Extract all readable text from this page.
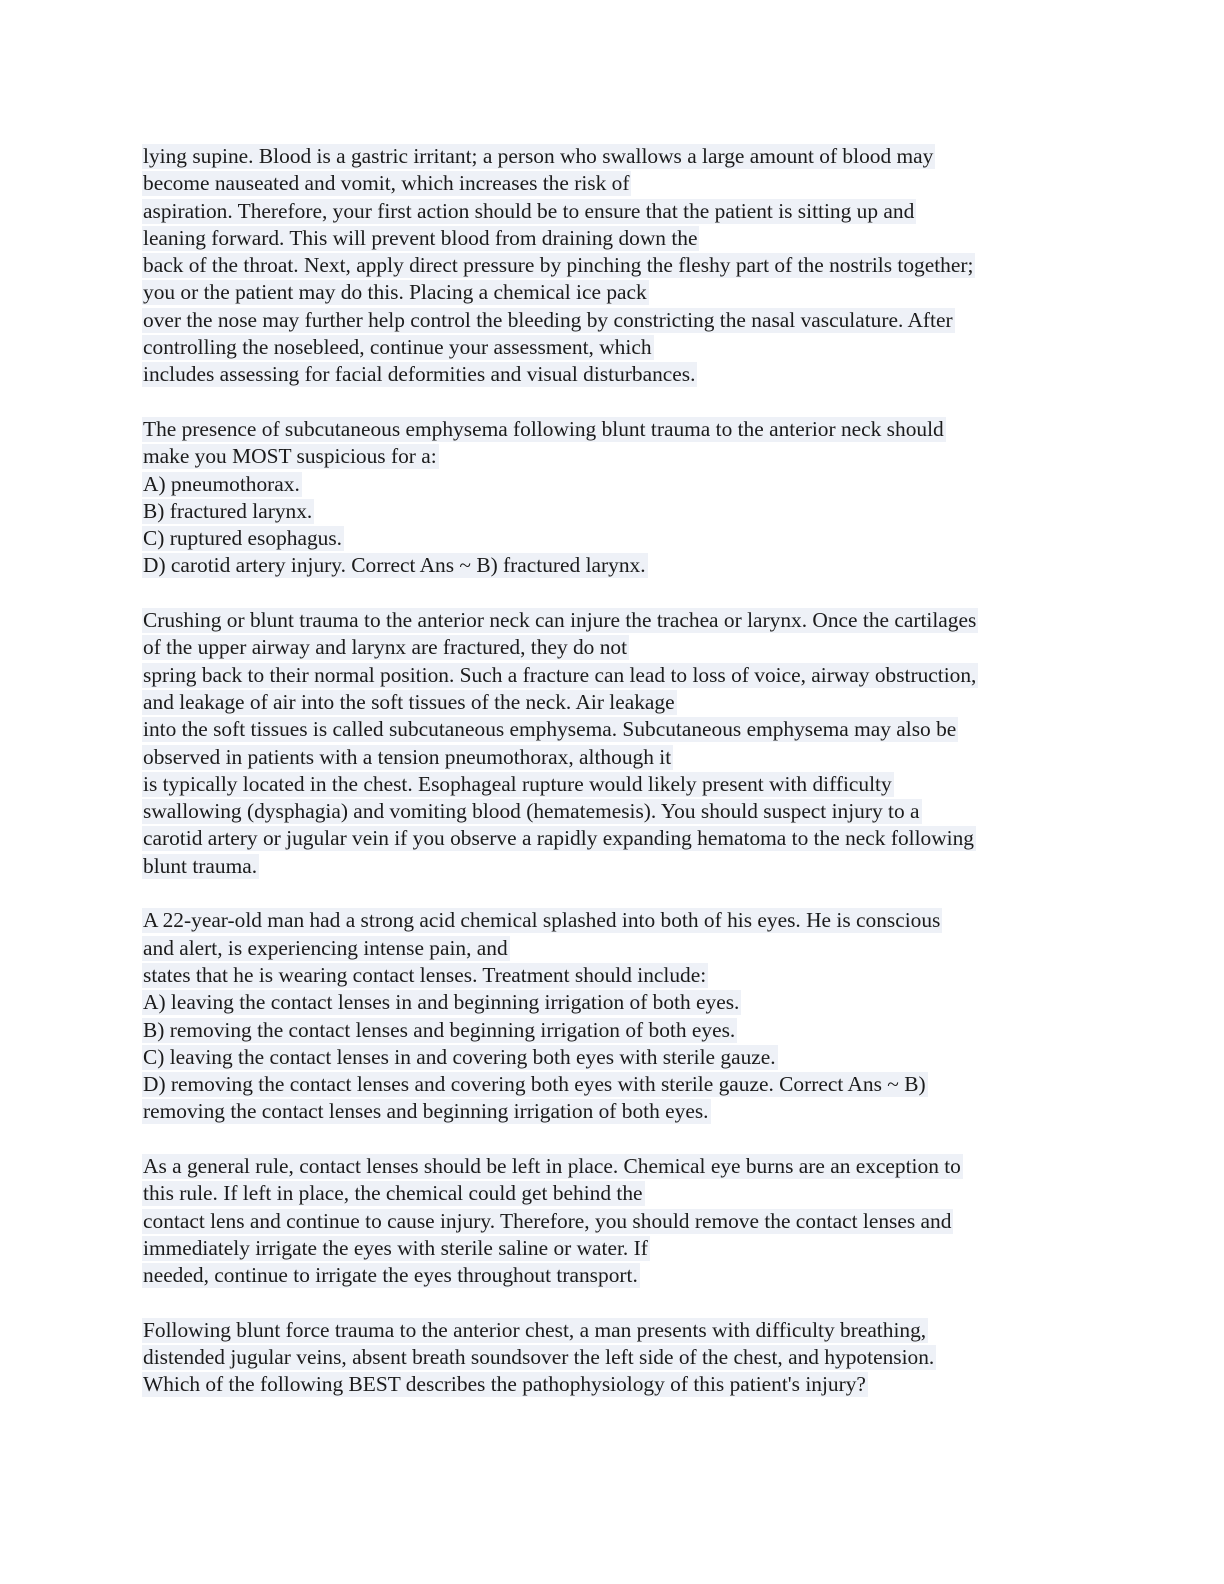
lying supine. Blood is a gastric irritant; a person who swallows a large amount of blood may
become nauseated and vomit, which increases the risk of
aspiration. Therefore, your first action should be to ensure that the patient is sitting up and
leaning forward. This will prevent blood from draining down the
back of the throat. Next, apply direct pressure by pinching the fleshy part of the nostrils together;
you or the patient may do this. Placing a chemical ice pack
over the nose may further help control the bleeding by constricting the nasal vasculature. After
controlling the nosebleed, continue your assessment, which
includes assessing for facial deformities and visual disturbances.
The presence of subcutaneous emphysema following blunt trauma to the anterior neck should
make you MOST suspicious for a:
A) pneumothorax.
B) fractured larynx.
C) ruptured esophagus.
D) carotid artery injury. Correct Ans ~ B) fractured larynx.
Crushing or blunt trauma to the anterior neck can injure the trachea or larynx. Once the cartilages
of the upper airway and larynx are fractured, they do not
spring back to their normal position. Such a fracture can lead to loss of voice, airway obstruction,
and leakage of air into the soft tissues of the neck. Air leakage
into the soft tissues is called subcutaneous emphysema. Subcutaneous emphysema may also be
observed in patients with a tension pneumothorax, although it
is typically located in the chest. Esophageal rupture would likely present with difficulty
swallowing (dysphagia) and vomiting blood (hematemesis). You should suspect injury to a
carotid artery or jugular vein if you observe a rapidly expanding hematoma to the neck following
blunt trauma.
A 22-year-old man had a strong acid chemical splashed into both of his eyes. He is conscious
and alert, is experiencing intense pain, and
states that he is wearing contact lenses. Treatment should include:
A) leaving the contact lenses in and beginning irrigation of both eyes.
B) removing the contact lenses and beginning irrigation of both eyes.
C) leaving the contact lenses in and covering both eyes with sterile gauze.
D) removing the contact lenses and covering both eyes with sterile gauze. Correct Ans ~ B)
removing the contact lenses and beginning irrigation of both eyes.
As a general rule, contact lenses should be left in place. Chemical eye burns are an exception to
this rule. If left in place, the chemical could get behind the
contact lens and continue to cause injury. Therefore, you should remove the contact lenses and
immediately irrigate the eyes with sterile saline or water. If
needed, continue to irrigate the eyes throughout transport.
Following blunt force trauma to the anterior chest, a man presents with difficulty breathing,
distended jugular veins, absent breath soundsover the left side of the chest, and hypotension.
Which of the following BEST describes the pathophysiology of this patient's injury?
